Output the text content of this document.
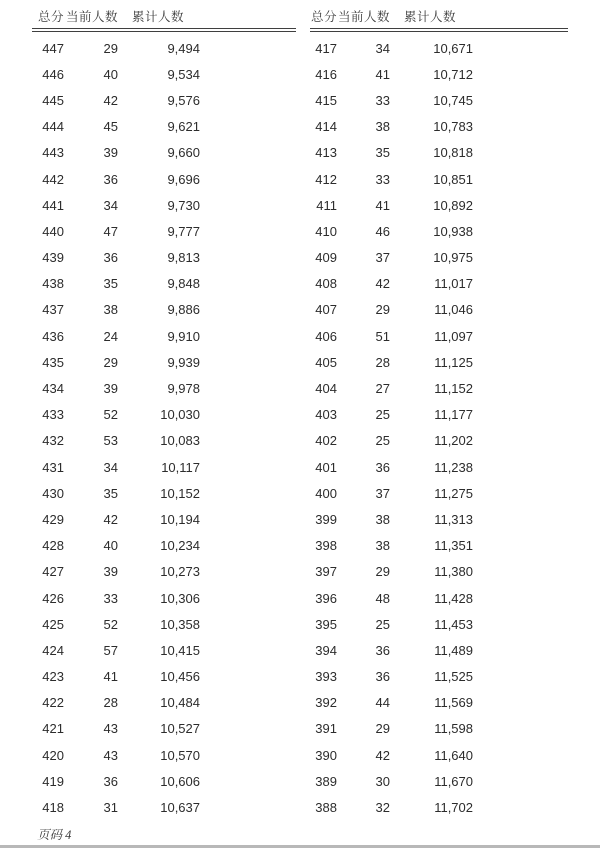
总分 当前人数	累计人数
447	29	9,494
446	40	9,534
445	42	9,576
444	45	9,621
443	39	9,660
442	36	9,696
441	34	9,730
440	47	9,777
439	36	9,813
438	35	9,848
437	38	9,886
436	24	9,910
435	29	9,939
434	39	9,978
433	52	10,030
432	53	10,083
431	34	10,117
430	35	10,152
429	42	10,194
428	40	10,234
427	39	10,273
426	33	10,306
425	52	10,358
424	57	10,415
423	41	10,456
422	28	10,484
421	43	10,527
420	43	10,570
419	36	10,606
418	31	10,637
总分 当前人数	累计人数
417	34	10,671
416	41	10,712
415	33	10,745
414	38	10,783
413	35	10,818
412	33	10,851
411	41	10,892
410	46	10,938
409	37	10,975
408	42	11,017
407	29	11,046
406	51	11,097
405	28	11,125
404	27	11,152
403	25	11,177
402	25	11,202
401	36	11,238
400	37	11,275
399	38	11,313
398	38	11,351
397	29	11,380
396	48	11,428
395	25	11,453
394	36	11,489
393	36	11,525
392	44	11,569
391	29	11,598
390	42	11,640
389	30	11,670
388	32	11,702
页码 4
